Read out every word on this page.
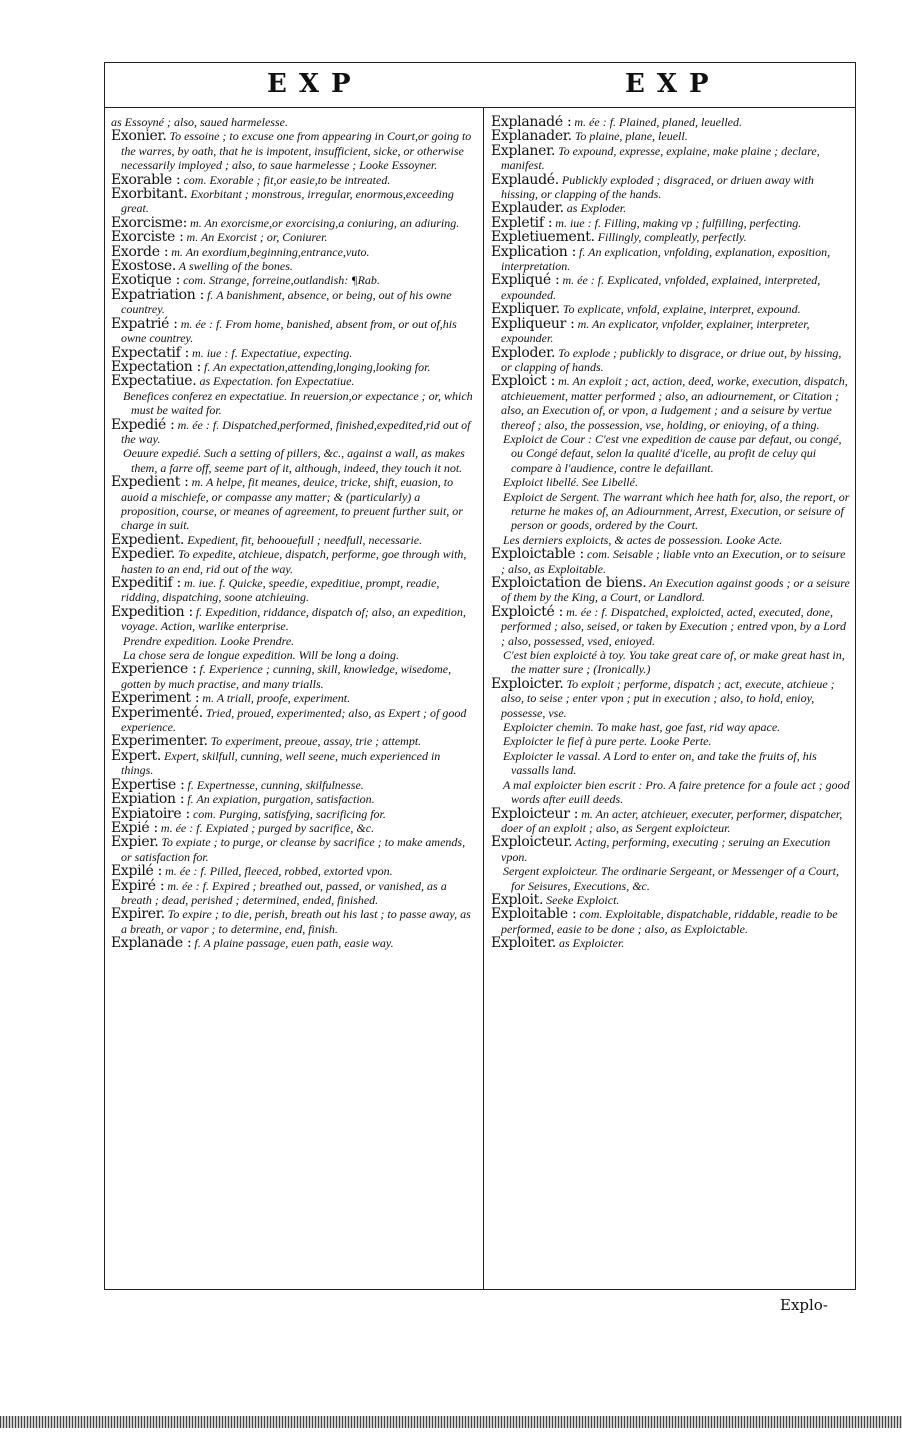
EXP	EXP

as Essoyné ; also, saued harmelesse.

Exonier. To essoine ; to excuse one from appearing in Court,or going to the warres, by oath, that he is impotent, insufficient, sicke, or otherwise necessarily imployed ; also, to saue harmelesse ; Looke Essoyner.

Exorable : com. Exorable ; fit,or easie,to be intreated.

Exorbitant. Exorbitant ; monstrous, irregular, enormous,exceeding great.

Exorcisme: m. An exorcisme,or exorcising,a coniuring, an adiuring.

Exorciste : m. An Exorcist ; or, Coniurer.

Exorde : m. An exordium,beginning,entrance,vuto.

Exostose. A swelling of the bones.

Exotique : com. Strange, forreine,outlandish: ¶Rab.

Expatriation : f. A banishment, absence, or being, out of his owne countrey.

Expatrié : m. ée : f. From home, banished, absent from, or out of,his owne countrey.

Expectatif : m. iue : f. Expectatiue, expecting.

Expectation : f. An expectation,attending,longing,looking for.

Expectatiue. as Expectation. fon Expectatiue.

Benefices conferez en expectatiue. In reuersion,or expectance ; or, which must be waited for.

Expedié : m. ée : f. Dispatched,performed, finished,expedited,rid out of the way.

Oeuure expedié. Such a setting of pillers, &c., against a wall, as makes them, a farre off, seeme part of it, although, indeed, they touch it not.

Expedient : m. A helpe, fit meanes, deuice, tricke, shift, euasion, to auoid a mischiefe, or compasse any matter; & (particularly) a proposition, course, or meanes of agreement, to preuent further suit, or charge in suit.

Expedient. Expedient, fit, behoouefull ; needfull, necessarie.

Expedier. To expedite, atchieue, dispatch, performe, goe through with, hasten to an end, rid out of the way.

Expeditif : m. iue. f. Quicke, speedie, expeditiue, prompt, readie, ridding, dispatching, soone atchieuing.

Expedition : f. Expedition, riddance, dispatch of; also, an expedition, voyage. Action, warlike enterprise.

Prendre expedition. Looke Prendre.

La chose sera de longue expedition. Will be long a doing.

Experience : f. Experience ; cunning, skill, knowledge, wisedome, gotten by much practise, and many trialls.

Experiment : m. A triall, proofe, experiment.

Experimenté. Tried, proued, experimented; also, as Expert ; of good experience.

Experimenter. To experiment, preoue, assay, trie ; attempt.

Expert. Expert, skilfull, cunning, well seene, much experienced in things.

Expertise : f. Expertnesse, cunning, skilfulnesse.

Expiation : f. An expiation, purgation, satisfaction.

Expiatoire : com. Purging, satisfying, sacrificing for.

Expié : m. ée : f. Expiated ; purged by sacrifice, &c.

Expier. To expiate ; to purge, or cleanse by sacrifice ; to make amends, or satisfaction for.

Expilé : m. ée : f. Pilled, fleeced, robbed, extorted vpon.

Expiré : m. ée : f. Expired ; breathed out, passed, or vanished, as a breath ; dead, perished ; determined, ended, finished.

Expirer. To expire ; to die, perish, breath out his last ; to passe away, as a breath, or vapor ; to determine, end, finish.

Explanade : f. A plaine passage, euen path, easie way.

Explanadé : m. ée : f. Plained, planed, leuelled.

Explanader. To plaine, plane, leuell.

Explaner. To expound, expresse, explaine, make plaine ; declare, manifest.

Explaudé. Publickly exploded ; disgraced, or driuen away with hissing, or clapping of the hands.

Explauder. as Exploder.

Expletif : m. iue : f. Filling, making vp ; fulfilling, perfecting.

Expletiuement. Fillingly, compleatly, perfectly.

Explication : f. An explication, vnfolding, explanation, exposition, interpretation.

Expliqué : m. ée : f. Explicated, vnfolded, explained, interpreted, expounded.

Expliquer. To explicate, vnfold, explaine, interpret, expound.

Expliqueur : m. An explicator, vnfolder, explainer, interpreter, expounder.

Exploder. To explode ; publickly to disgrace, or driue out, by hissing, or clapping of hands.

Exploict : m. An exploit ; act, action, deed, worke, execution, dispatch, atchieuement, matter performed ; also, an adiournement, or Citation ; also, an Execution of, or vpon, a Iudgement ; and a seisure by vertue thereof ; also, the possession, vse, holding, or enioying, of a thing.

Exploict de Cour : C'est vne expedition de cause par defaut, ou congé, ou Congé defaut, selon la qualité d'icelle, au profit de celuy qui compare à l'audience, contre le defaillant.

Exploict libellé. See Libellé.

Exploict de Sergent. The warrant which hee hath for, also, the report, or returne he makes of, an Adiournment, Arrest, Execution, or seisure of person or goods, ordered by the Court.

Les derniers exploicts, & actes de possession. Looke Acte.

Exploictable : com. Seisable ; liable vnto an Execution, or to seisure ; also, as Exploitable.

Exploictation de biens. An Execution against goods ; or a seisure of them by the King, a Court, or Landlord.

Exploicté : m. ée : f. Dispatched, exploicted, acted, executed, done, performed ; also, seised, or taken by Execution ; entred vpon, by a Lord ; also, possessed, vsed, enioyed.

C'est bien exploicté à toy. You take great care of, or make great hast in, the matter sure ; (Ironically.)

Exploicter. To exploit ; performe, dispatch ; act, execute, atchieue ; also, to seise ; enter vpon ; put in execution ; also, to hold, enioy, possesse, vse.

Exploicter chemin. To make hast, goe fast, rid way apace.

Exploicter le fief à pure perte. Looke Perte.

Exploicter le vassal. A Lord to enter on, and take the fruits of, his vassalls land.

A mal exploicter bien escrit : Pro. A faire pretence for a foule act ; good words after euill deeds.

Exploicteur : m. An acter, atchieuer, executer, performer, dispatcher, doer of an exploit ; also, as Sergent exploicteur.

Exploicteur. Acting, performing, executing ; seruing an Execution vpon.

Sergent exploicteur. The ordinarie Sergeant, or Messenger of a Court, for Seisures, Executions, &c.

Exploit. Seeke Exploict.

Exploitable : com. Exploitable, dispatchable, riddable, readie to be performed, easie to be done ; also, as Exploictable.

Exploiter. as Exploicter.

Explo-
